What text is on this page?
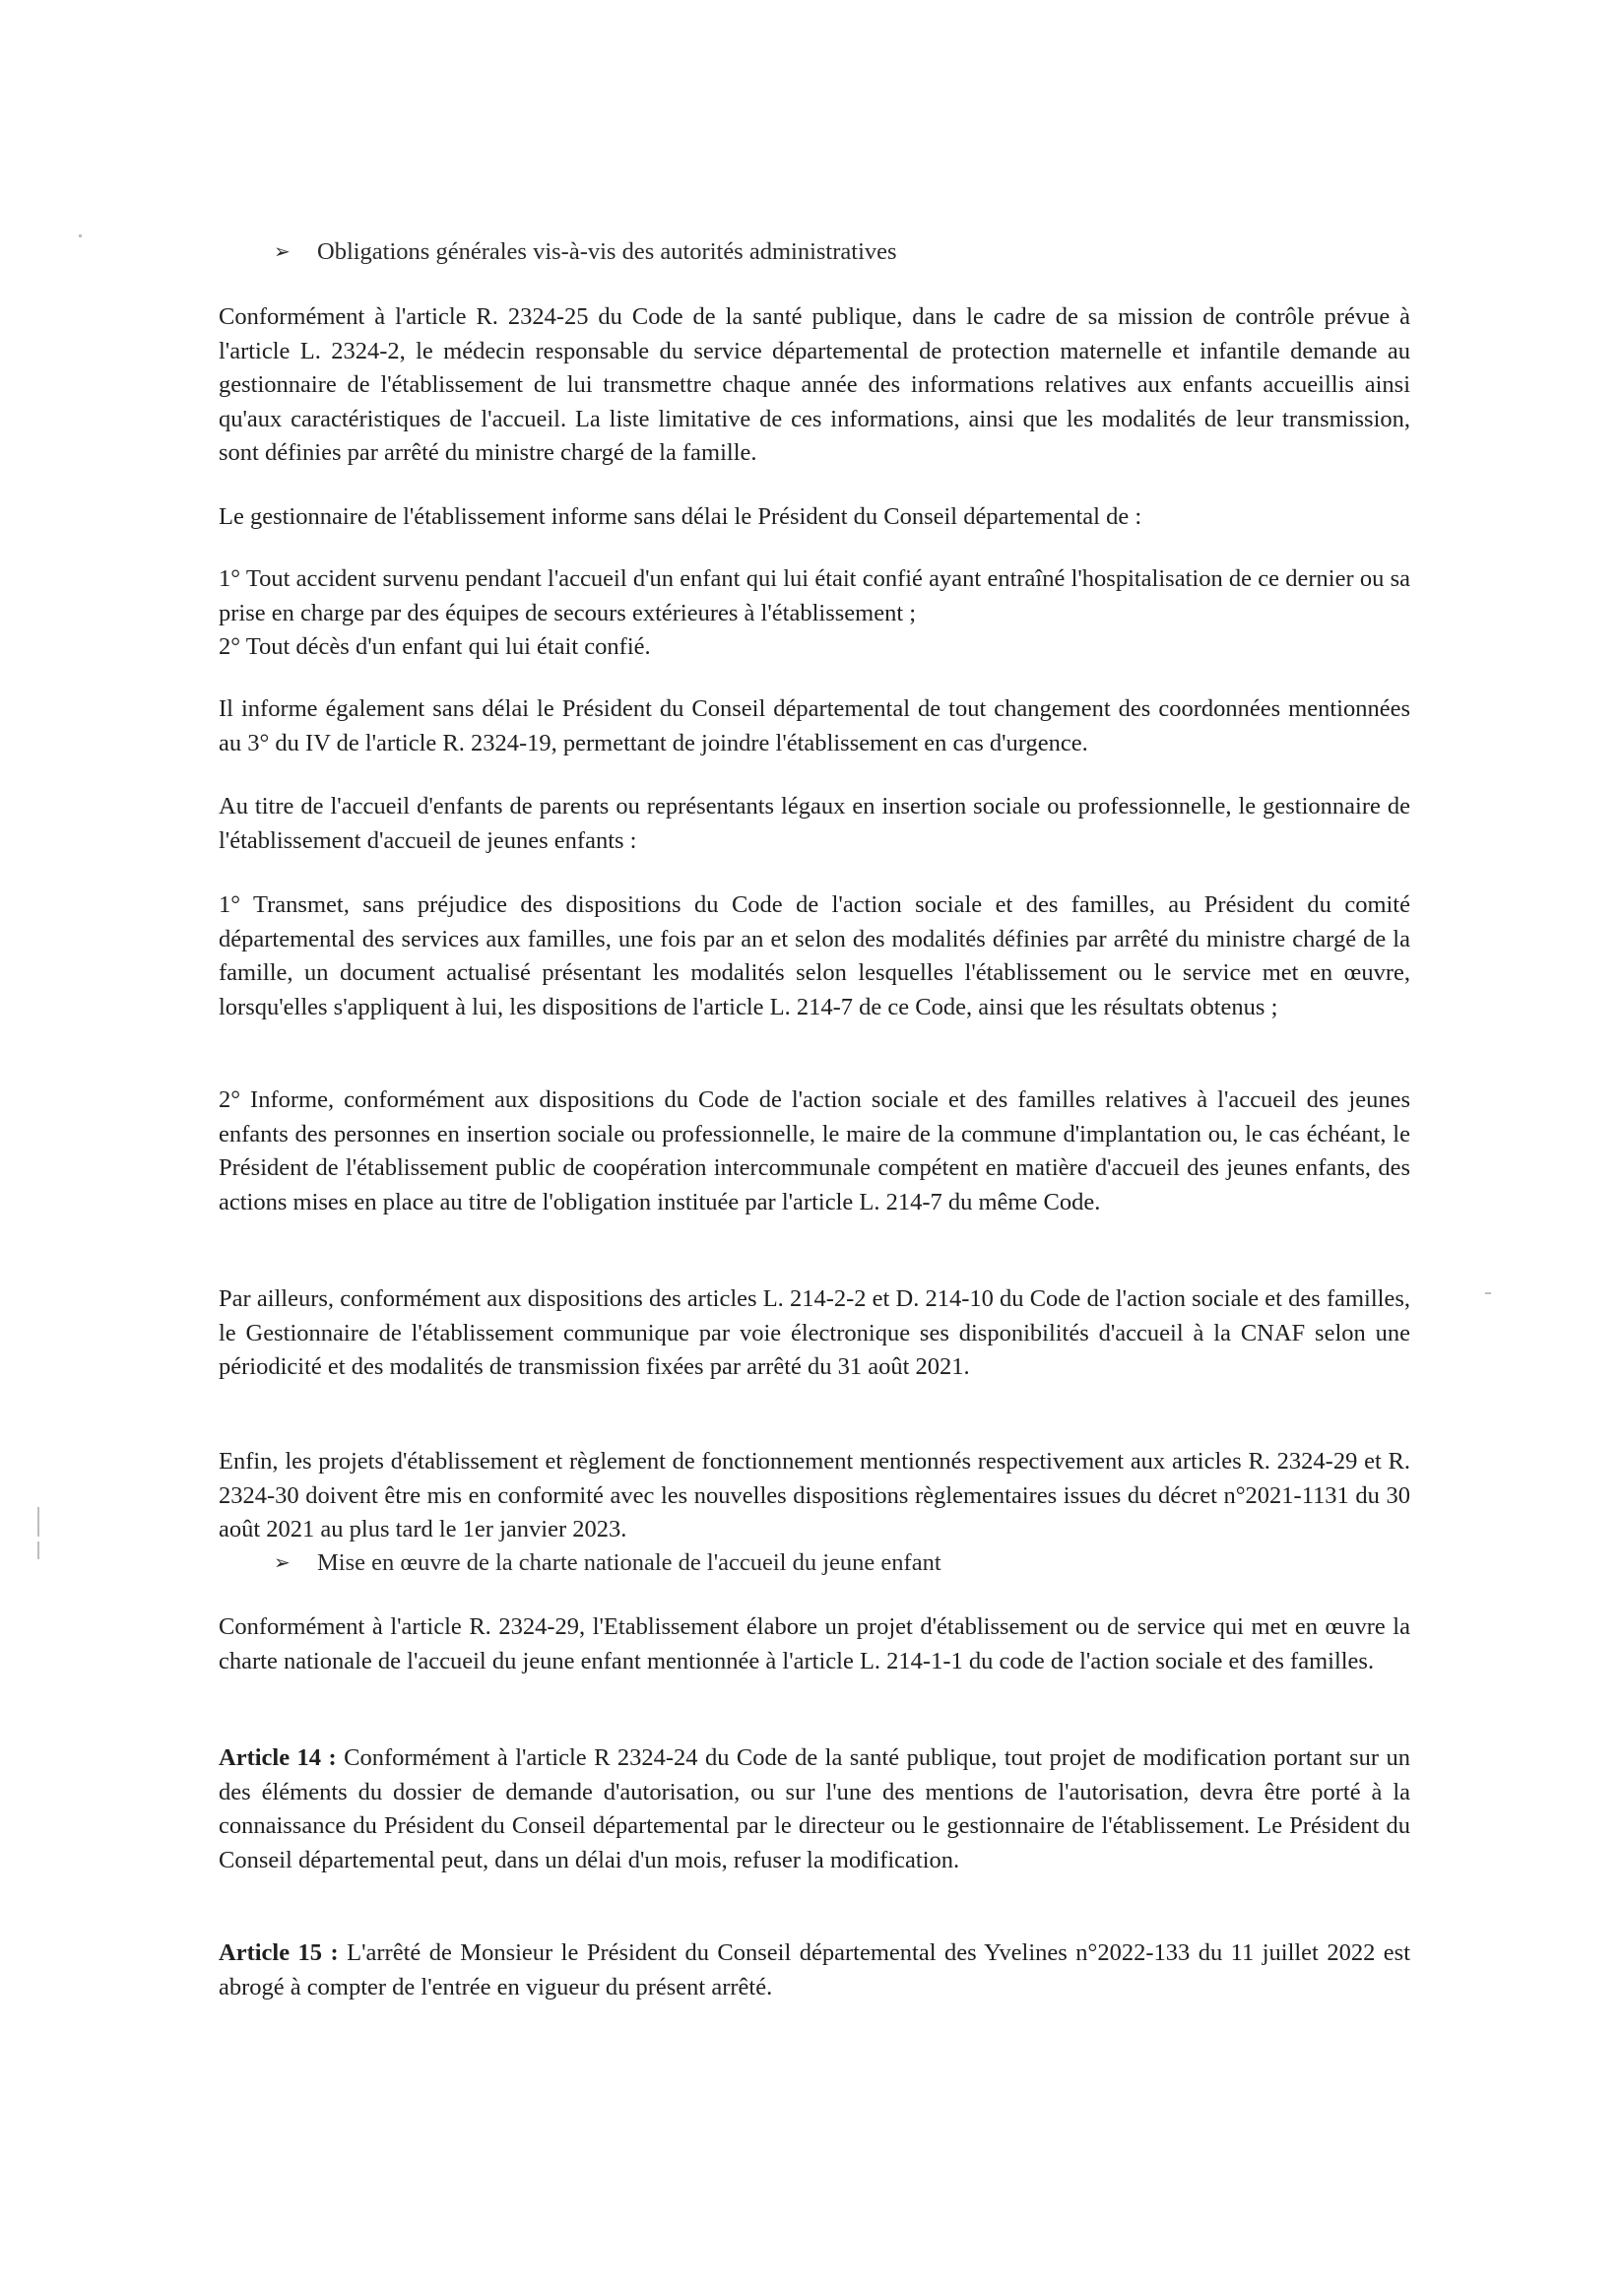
➢ Obligations générales vis-à-vis des autorités administratives

Conformément à l'article R. 2324-25 du Code de la santé publique, dans le cadre de sa mission de contrôle prévue à l'article L. 2324-2, le médecin responsable du service départemental de protection maternelle et infantile demande au gestionnaire de l'établissement de lui transmettre chaque année des informations relatives aux enfants accueillis ainsi qu'aux caractéristiques de l'accueil. La liste limitative de ces informations, ainsi que les modalités de leur transmission, sont définies par arrêté du ministre chargé de la famille.

Le gestionnaire de l'établissement informe sans délai le Président du Conseil départemental de :

1° Tout accident survenu pendant l'accueil d'un enfant qui lui était confié ayant entraîné l'hospitalisation de ce dernier ou sa prise en charge par des équipes de secours extérieures à l'établissement ;

2° Tout décès d'un enfant qui lui était confié.

Il informe également sans délai le Président du Conseil départemental de tout changement des coordonnées mentionnées au 3° du IV de l'article R. 2324-19, permettant de joindre l'établissement en cas d'urgence.

Au titre de l'accueil d'enfants de parents ou représentants légaux en insertion sociale ou professionnelle, le gestionnaire de l'établissement d'accueil de jeunes enfants :

1° Transmet, sans préjudice des dispositions du Code de l'action sociale et des familles, au Président du comité départemental des services aux familles, une fois par an et selon des modalités définies par arrêté du ministre chargé de la famille, un document actualisé présentant les modalités selon lesquelles l'établissement ou le service met en œuvre, lorsqu'elles s'appliquent à lui, les dispositions de l'article L. 214-7 de ce Code, ainsi que les résultats obtenus ;

2° Informe, conformément aux dispositions du Code de l'action sociale et des familles relatives à l'accueil des jeunes enfants des personnes en insertion sociale ou professionnelle, le maire de la commune d'implantation ou, le cas échéant, le Président de l'établissement public de coopération intercommunale compétent en matière d'accueil des jeunes enfants, des actions mises en place au titre de l'obligation instituée par l'article L. 214-7 du même Code.

Par ailleurs, conformément aux dispositions des articles L. 214-2-2 et D. 214-10 du Code de l'action sociale et des familles, le Gestionnaire de l'établissement communique par voie électronique ses disponibilités d'accueil à la CNAF selon une périodicité et des modalités de transmission fixées par arrêté du 31 août 2021.

Enfin, les projets d'établissement et règlement de fonctionnement mentionnés respectivement aux articles R. 2324-29 et R. 2324-30 doivent être mis en conformité avec les nouvelles dispositions règlementaires issues du décret n°2021-1131 du 30 août 2021 au plus tard le 1er janvier 2023.

➢ Mise en œuvre de la charte nationale de l'accueil du jeune enfant

Conformément à l'article R. 2324-29, l'Etablissement élabore un projet d'établissement ou de service qui met en œuvre la charte nationale de l'accueil du jeune enfant mentionnée à l'article L. 214-1-1 du code de l'action sociale et des familles.

Article 14 : Conformément à l'article R 2324-24 du Code de la santé publique, tout projet de modification portant sur un des éléments du dossier de demande d'autorisation, ou sur l'une des mentions de l'autorisation, devra être porté à la connaissance du Président du Conseil départemental par le directeur ou le gestionnaire de l'établissement. Le Président du Conseil départemental peut, dans un délai d'un mois, refuser la modification.

Article 15 : L'arrêté de Monsieur le Président du Conseil départemental des Yvelines n°2022-133 du 11 juillet 2022 est abrogé à compter de l'entrée en vigueur du présent arrêté.
